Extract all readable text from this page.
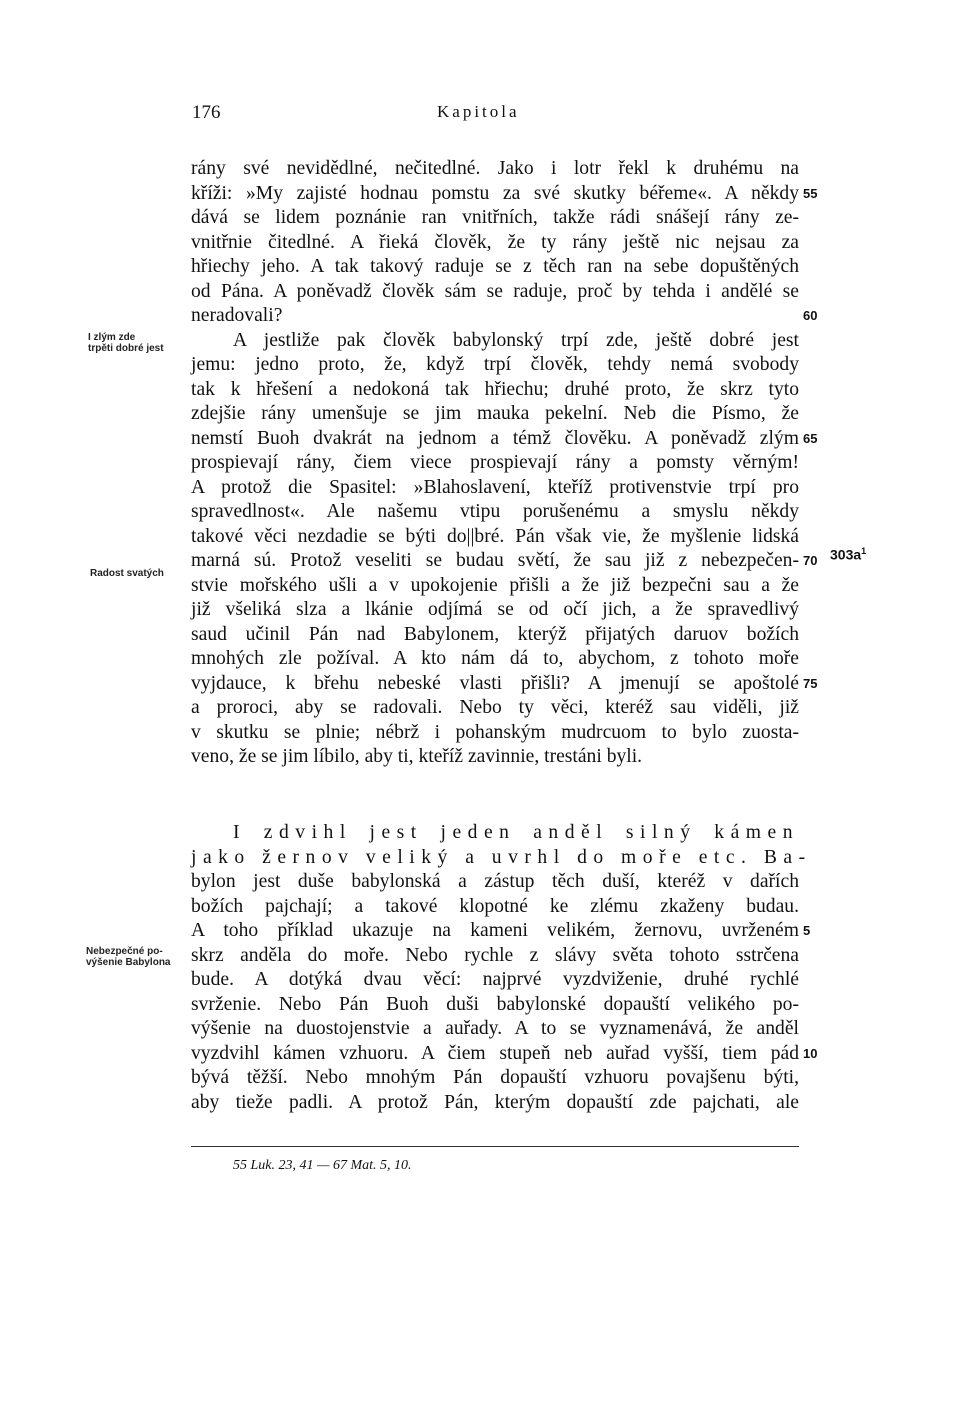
176	Kapitola
rány své nevidědlné, nečitedlné. Jako i lotr řekl k druhému na
kříži: »My zajisté hodnau pomstu za své skutky béřeme«. A někdy 55
dává se lidem poznánie ran vnitřních, takže rádi snášejí rány ze-
vnitřnie čitedlné. A řieká člověk, že ty rány ještě nic nejsau za
hřiechy jeho. A tak takový raduje se z těch ran na sebe dopuštěných
od Pána. A poněvadž člověk sám se raduje, proč by tehda i andělé se
neradovali?	60
A jestliže pak člověk babylonský trpí zde, ještě dobré jest
jemu: jedno proto, že, když trpí člověk, tehdy nemá svobody
tak k hřešení a nedokoná tak hřiechu; druhé proto, že skrz tyto
zdejšie rány umenšuje se jim mauka pekelní. Neb die Písmo, že
nemstí Buoh dvakrát na jednom a témž člověku. A poněvadž zlým 65
prospievají rány, čiem viece prospievají rány a pomsty věrným!
A protož die Spasitel: »Blahoslavení, kteříž protivenstvie trpí pro
spravedlnost«. Ale našemu vtipu porušenému a smyslu někdy
takové věci nezdadie se býti do||bré. Pán však vie, že myšlenie lidská
marná sú. Protož veseliti se budau světí, že sau již z nebezpečen- 70
stvie mořského ušli a v upokojenie přišli a že již bezpečni sau a že
již všeliká slza a lkánie odjímá se od očí jich, a že spravedlivý
saud učinil Pán nad Babylonem, kterýž přijatých daruov božích
mnohých zle požíval. A kto nám dá to, abychom, z tohoto moře
vyjdauce, k břehu nebeské vlasti přišli? A jmenují se apoštolé 75
a proroci, aby se radovali. Nebo ty věci, kteréž sau viděli, již
v skutku se plnie; nébrž i pohanským mudrcuom to bylo zuosta-
veno, že se jim líbilo, aby ti, kteříž zavinnie, trestáni byli.
I zdvihl jest jeden anděl silný kámen
jako žernov veliký a uvrhl do moře etc. Ba-
bylon jest duše babylonská a zástup těch duší, kteréž v dařích
božích pajchají; a takové klopotné ke zlému zkaženy budau.
A toho příklad ukazuje na kameni velikém, žernovu, uvrženém 5
skrz anděla do moře. Nebo rychle z slávy světa tohoto sstrčena
bude. A dotýká dvau věcí: najprvé vyzdviženie, druhé rychlé
svrženie. Nebo Pán Buoh duši babylonské dopauští velikého po-
výšenie na duostojenstvie a auřady. A to se vyznamenává, že anděl
vyzdvihl kámen vzhuoru. A čiem stupeň neb auřad vyšší, tiem pád 10
bývá těžší. Nebo mnohým Pán dopauští vzhuoru povajšenu býti,
aby tieže padli. A protož Pán, kterým dopauští zde pajchati, ale
I zlým zde
trpěti dobré jest
Radost svatých
Nebezpečné po-
výšenie Babylona
$303a^1$
55 Luk. 23, 41 — 67 Mat. 5, 10.
